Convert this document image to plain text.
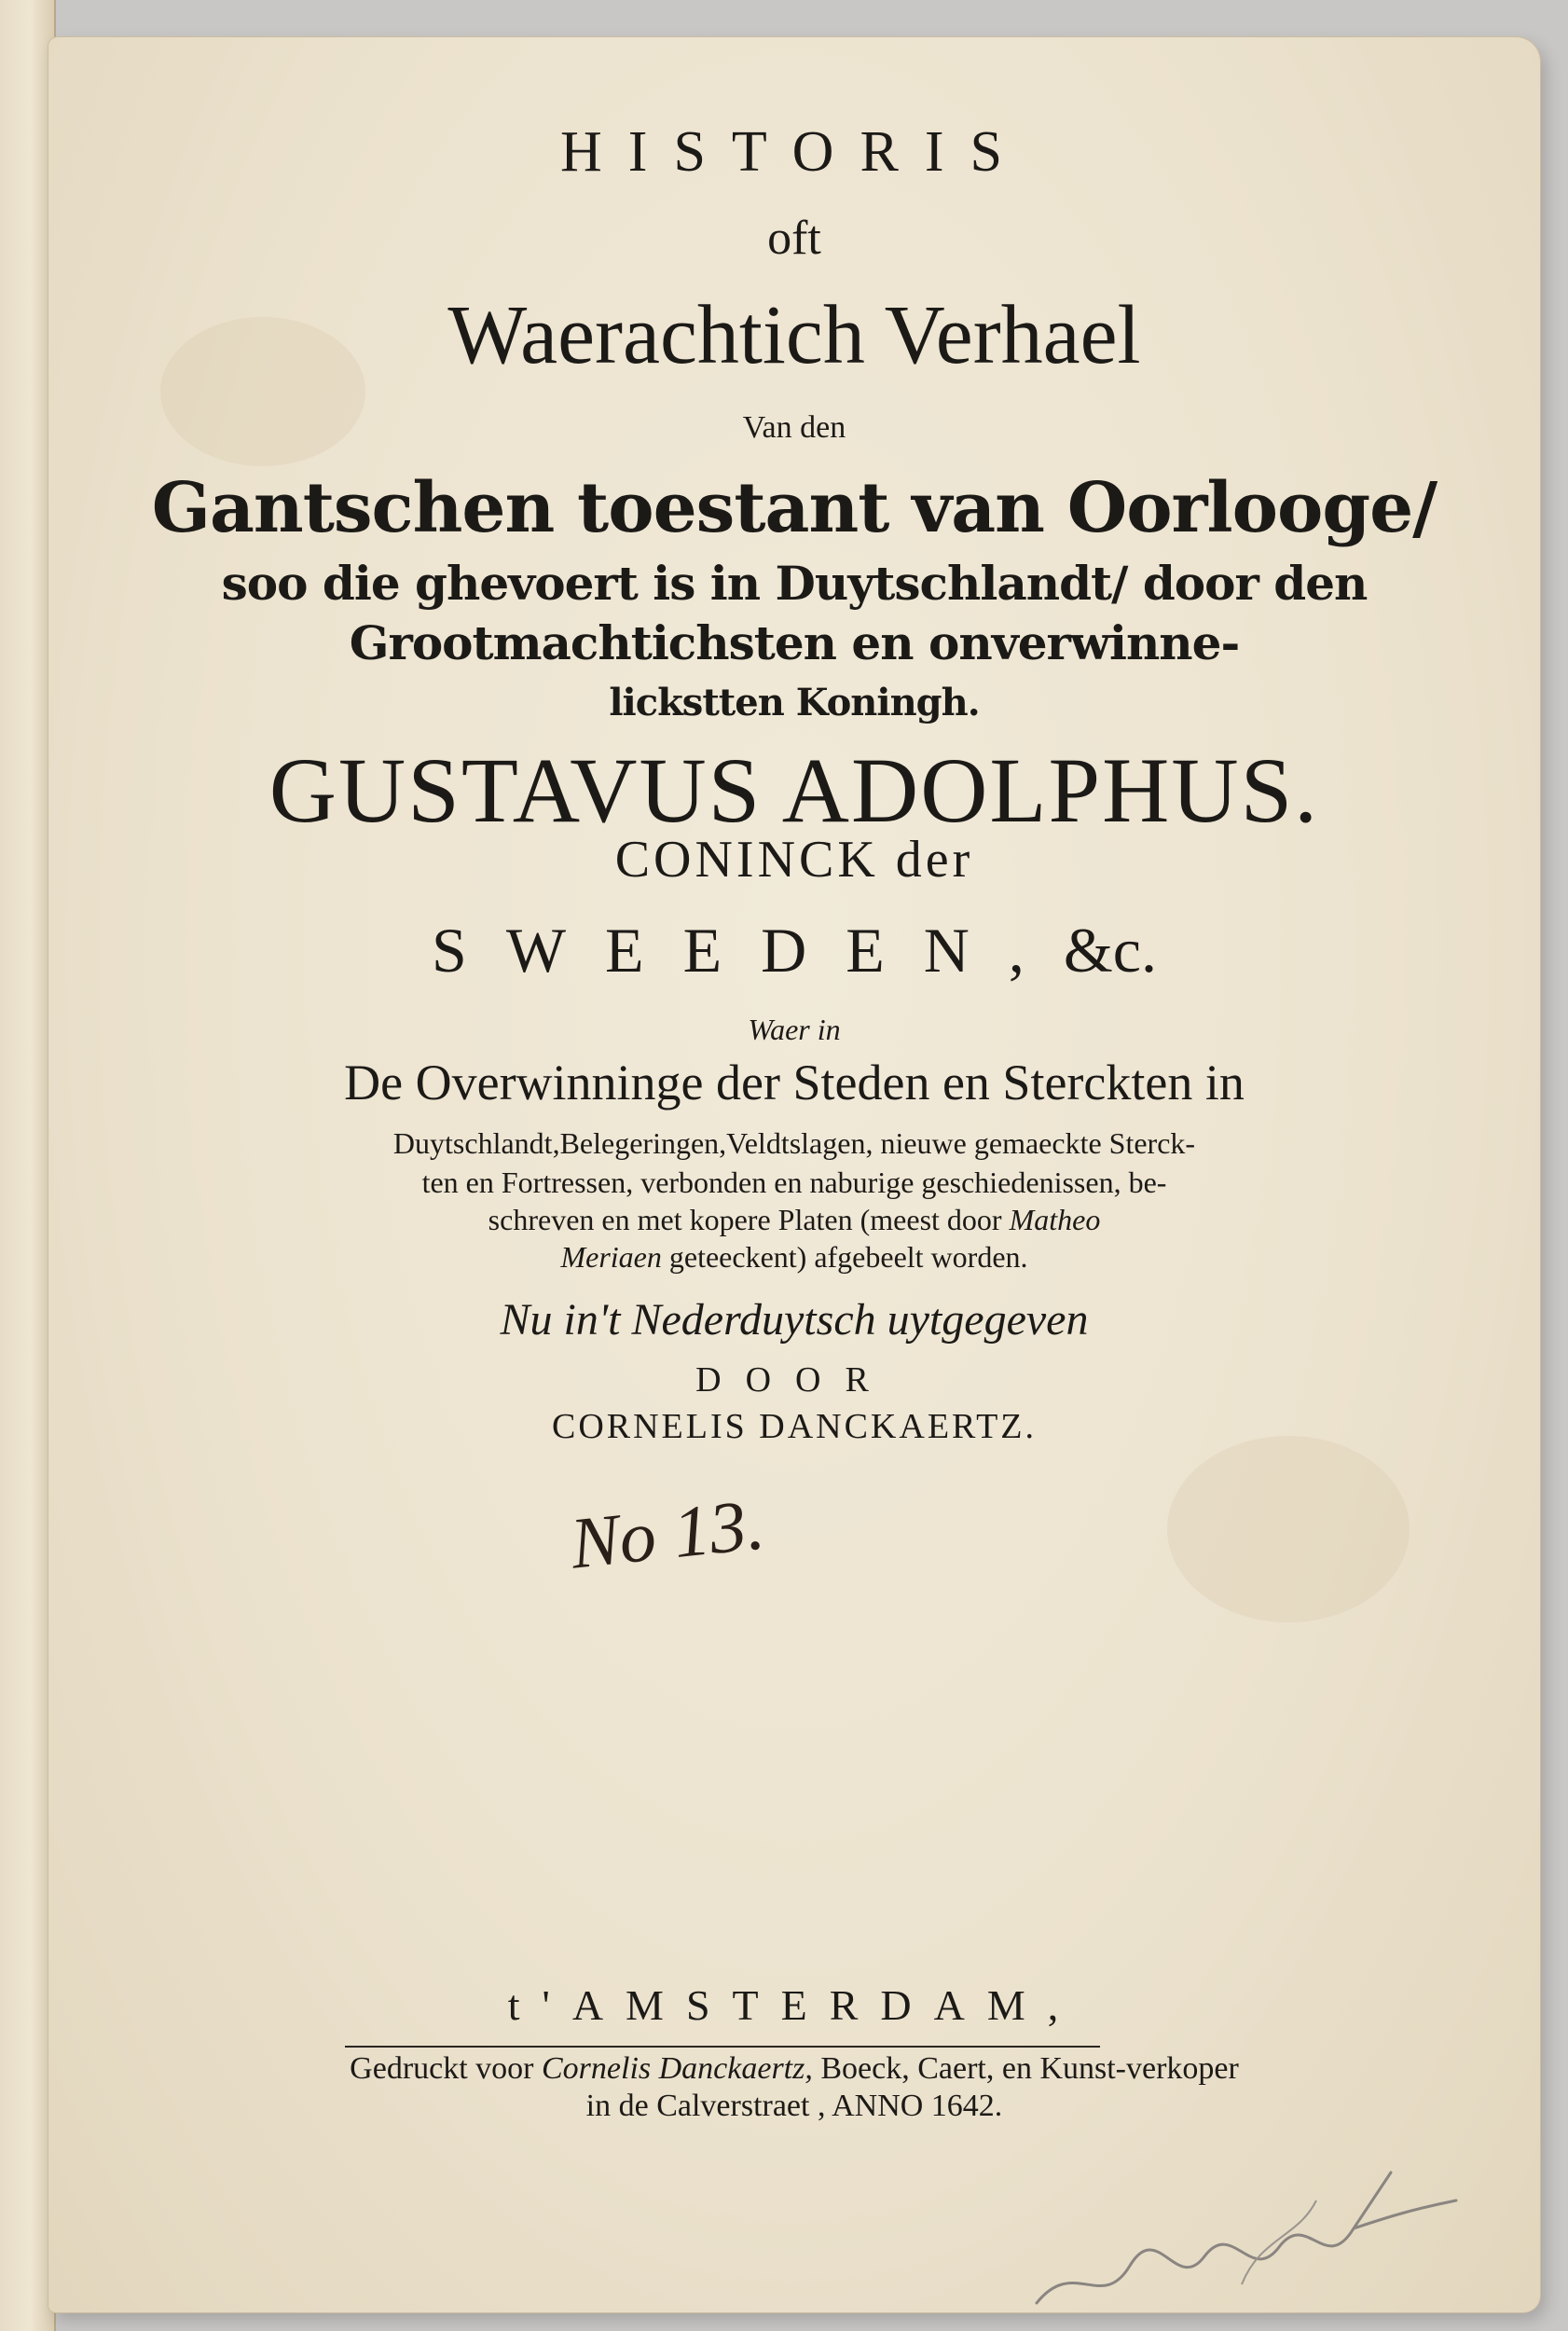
HISTORIS
oft
Waerachtich Verhael
Van den
Gantschen toestant van Oorlooge/
soo die ghevoert is in Duytschlandt/ door den
Grootmachtichsten en onverwinne-
lickstten Koningh.
GUSTAVUS ADOLPHUS.
CONINCK der
SWEEDEN,&c.
Waer in
De Overwinninge der Steden en Sterckten in
Duytschlandt,Belegeringen,Veldtslagen, nieuwe gemaeckte Sterck-
ten en Fortressen, verbonden en naburige geschiedenissen, be-
schreven en met kopere Platen (meest door Matheo
Meriaen geteeckent) afgebeelt worden.
Nu in't Nederduytsch uytgegeven
DOOR
CORNELIS DANCKAERTZ.
No 13.
t'AMSTERDAM,
Gedruckt voor Cornelis Danckaertz, Boeck, Caert, en Kunst-verkoper
in de Calverstraet , ANNO 1642.
